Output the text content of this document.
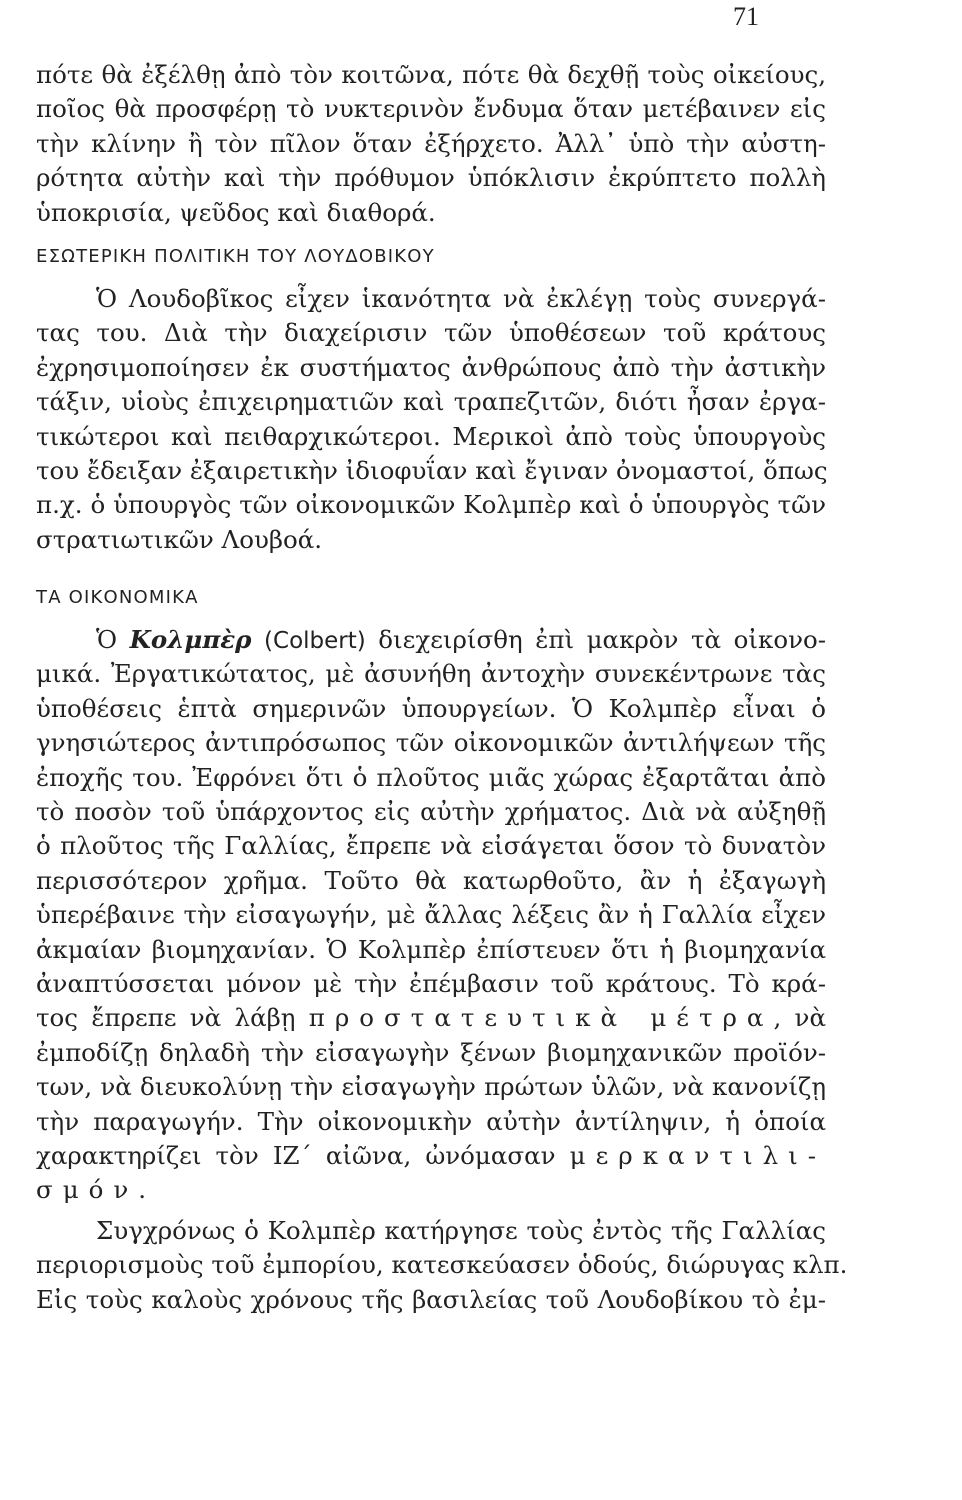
71
πότε θὰ ἐξέλθῃ ἀπὸ τὸν κοιτῶνα, πότε θὰ δεχθῇ τοὺς οἰκείους,
ποῖος θὰ προσφέρῃ τὸ νυκτερινὸν ἔνδυμα ὅταν μετέβαινεν εἰς
τὴν κλίνην ἢ τὸν πῖλον ὅταν ἐξήρχετο. Ἀλλ᾽ ὑπὸ τὴν αὐστη-
ρότητα αὐτὴν καὶ τὴν πρόθυμον ὑπόκλισιν ἐκρύπτετο πολλὴ
ὑποκρισία, ψεῦδος καὶ διαθορά.
ΕΣΩΤΕΡΙΚΗ ΠΟΛΙΤΙΚΗ ΤΟΥ ΛΟΥΔΟΒΙΚΟΥ
Ὁ Λουδοβῖκος εἶχεν ἱκανότητα νὰ ἐκλέγῃ τοὺς συνεργά-
τας του. Διὰ τὴν διαχείρισιν τῶν ὑποθέσεων τοῦ κράτους
ἐχρησιμοποίησεν ἐκ συστήματος ἀνθρώπους ἀπὸ τὴν ἀστικὴν
τάξιν, υἱοὺς ἐπιχειρηματιῶν καὶ τραπεζιτῶν, διότι ἦσαν ἐργα-
τικώτεροι καὶ πειθαρχικώτεροι. Μερικοὶ ἀπὸ τοὺς ὑπουργοὺς
του ἔδειξαν ἐξαιρετικὴν ἰδιοφυΐαν καὶ ἔγιναν ὀνομαστοί, ὅπως
π.χ. ὁ ὑπουργὸς τῶν οἰκονομικῶν Κολμπὲρ καὶ ὁ ὑπουργὸς τῶν
στρατιωτικῶν Λουβοά.
ΤΑ ΟΙΚΟΝΟΜΙΚΑ
Ὁ Κολμπὲρ (Colbert) διεχειρίσθη ἐπὶ μακρὸν τὰ οἰκονο-
μικά. Ἐργατικώτατος, μὲ ἀσυνήθη ἀντοχὴν συνεκέντρωνε τὰς
ὑποθέσεις ἑπτὰ σημερινῶν ὑπουργείων. Ὁ Κολμπὲρ εἶναι ὁ
γνησιώτερος ἀντιπρόσωπος τῶν οἰκονομικῶν ἀντιλήψεων τῆς
ἐποχῆς του. Ἐφρόνει ὅτι ὁ πλοῦτος μιᾶς χώρας ἐξαρτᾶται ἀπὸ
τὸ ποσὸν τοῦ ὑπάρχοντος εἰς αὐτὴν χρήματος. Διὰ νὰ αὐξηθῇ
ὁ πλοῦτος τῆς Γαλλίας, ἔπρεπε νὰ εἰσάγεται ὅσον τὸ δυνατὸν
περισσότερον χρῆμα. Τοῦτο θὰ κατωρθοῦτο, ἂν ἡ ἐξαγωγὴ
ὑπερέβαινε τὴν εἰσαγωγήν, μὲ ἄλλας λέξεις ἂν ἡ Γαλλία εἶχεν
ἀκμαίαν βιομηχανίαν. Ὁ Κολμπὲρ ἐπίστευεν ὅτι ἡ βιομηχανία
ἀναπτύσσεται μόνον μὲ τὴν ἐπέμβασιν τοῦ κράτους. Τὸ κρά-
τος ἔπρεπε νὰ λάβῃ προστατευτικὰ μέτρα, νὰ
ἐμποδίζῃ δηλαδὴ τὴν εἰσαγωγὴν ξένων βιομηχανικῶν προϊόν-
των, νὰ διευκολύνῃ τὴν εἰσαγωγὴν πρώτων ὑλῶν, νὰ κανονίζῃ
τὴν παραγωγήν. Τὴν οἰκονομικὴν αὐτὴν ἀντίληψιν, ἡ ὁποία
χαρακτηρίζει τὸν ΙΖ΄ αἰῶνα, ὠνόμασαν μερκαντιλι-
σμόν.
Συγχρόνως ὁ Κολμπὲρ κατήργησε τοὺς ἐντὸς τῆς Γαλλίας
περιορισμοὺς τοῦ ἐμπορίου, κατεσκεύασεν ὁδούς, διώρυγας κλπ.
Εἰς τοὺς καλοὺς χρόνους τῆς βασιλείας τοῦ Λουδοβίκου τὸ ἐμ-
